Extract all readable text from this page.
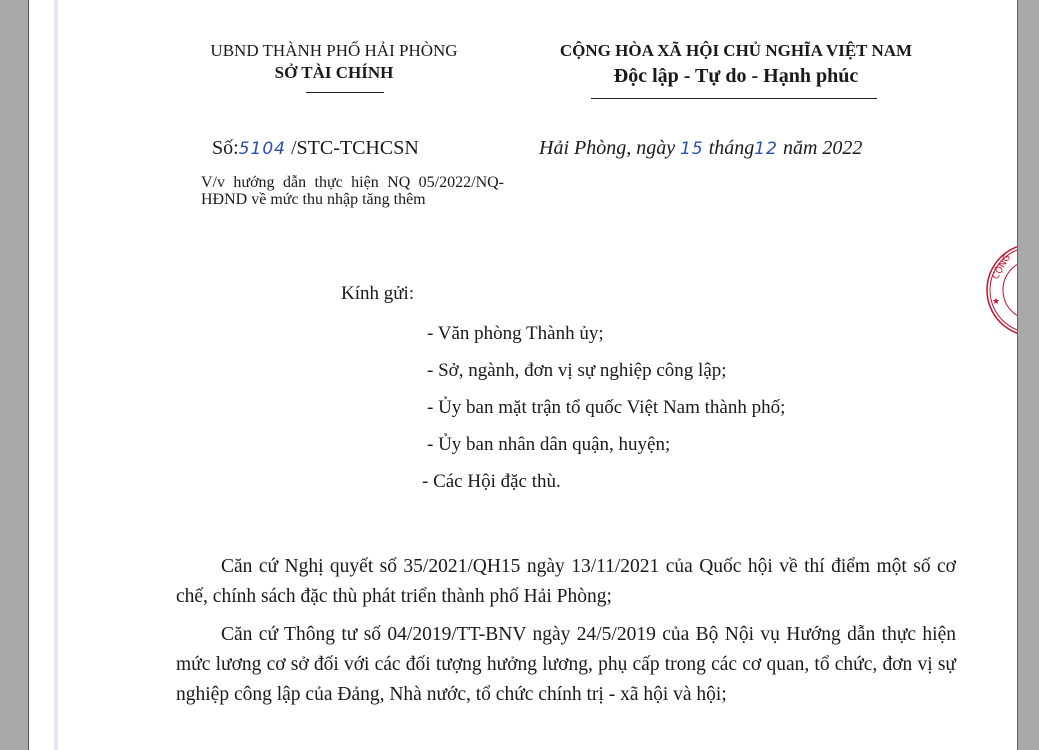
UBND THÀNH PHỐ HẢI PHÒNG
SỞ TÀI CHÍNH
CỘNG HÒA XÃ HỘI CHỦ NGHĨA VIỆT NAM
Độc lập - Tự do - Hạnh phúc
Số:5104 /STC-TCHCSN	Hải Phòng, ngày 15 tháng12 năm 2022
V/v hướng dẫn thực hiện NQ 05/2022/NQ-HĐND về mức thu nhập tăng thêm
Kính gửi:
- Văn phòng Thành ủy;
- Sở, ngành, đơn vị sự nghiệp công lập;
- Ủy ban mặt trận tổ quốc Việt Nam thành phố;
- Ủy ban nhân dân quận, huyện;
- Các Hội đặc thù.
Căn cứ Nghị quyết số 35/2021/QH15 ngày 13/11/2021 của Quốc hội về thí điểm một số cơ chế, chính sách đặc thù phát triển thành phố Hải Phòng;
Căn cứ Thông tư số 04/2019/TT-BNV ngày 24/5/2019 của Bộ Nội vụ Hướng dẫn thực hiện mức lương cơ sở đối với các đối tượng hưởng lương, phụ cấp trong các cơ quan, tổ chức, đơn vị sự nghiệp công lập của Đảng, Nhà nước, tổ chức chính trị - xã hội và hội;
CỘNG
★
